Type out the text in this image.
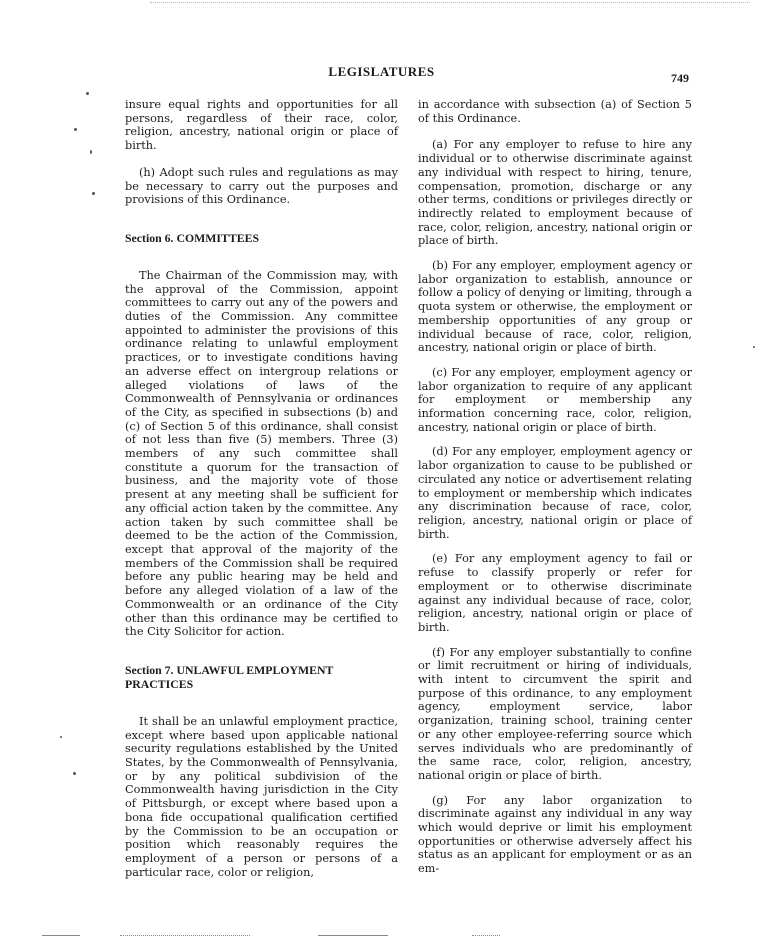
LEGISLATURES	749

insure equal rights and opportunities for all persons, regardless of their race, color, religion, ancestry, national origin or place of birth.

(h) Adopt such rules and regulations as may be necessary to carry out the purposes and provisions of this Ordinance.

Section 6. COMMITTEES

The Chairman of the Commission may, with the approval of the Commission, appoint committees to carry out any of the powers and duties of the Commission. Any committee appointed to administer the provisions of this ordinance relating to unlawful employment practices, or to investigate conditions having an adverse effect on intergroup relations or alleged violations of laws of the Commonwealth of Pennsylvania or ordinances of the City, as specified in subsections (b) and (c) of Section 5 of this ordinance, shall consist of not less than five (5) members. Three (3) members of any such committee shall constitute a quorum for the transaction of business, and the majority vote of those present at any meeting shall be sufficient for any official action taken by the committee. Any action taken by such committee shall be deemed to be the action of the Commission, except that approval of the majority of the members of the Commission shall be required before any public hearing may be held and before any alleged violation of a law of the Commonwealth or an ordinance of the City other than this ordinance may be certified to the City Solicitor for action.

Section 7. UNLAWFUL EMPLOYMENT PRACTICES

It shall be an unlawful employment practice, except where based upon applicable national security regulations established by the United States, by the Commonwealth of Pennsylvania, or by any political subdivision of the Commonwealth having jurisdiction in the City of Pittsburgh, or except where based upon a bona fide occupational qualification certified by the Commission to be an occupation or position which reasonably requires the employment of a person or persons of a particular race, color or religion,

in accordance with subsection (a) of Section 5 of this Ordinance.

(a) For any employer to refuse to hire any individual or to otherwise discriminate against any individual with respect to hiring, tenure, compensation, promotion, discharge or any other terms, conditions or privileges directly or indirectly related to employment because of race, color, religion, ancestry, national origin or place of birth.

(b) For any employer, employment agency or labor organization to establish, announce or follow a policy of denying or limiting, through a quota system or otherwise, the employment or membership opportunities of any group or individual because of race, color, religion, ancestry, national origin or place of birth.

(c) For any employer, employment agency or labor organization to require of any applicant for employment or membership any information concerning race, color, religion, ancestry, national origin or place of birth.

(d) For any employer, employment agency or labor organization to cause to be published or circulated any notice or advertisement relating to employment or membership which indicates any discrimination because of race, color, religion, ancestry, national origin or place of birth.

(e) For any employment agency to fail or refuse to classify properly or refer for employment or to otherwise discriminate against any individual because of race, color, religion, ancestry, national origin or place of birth.

(f) For any employer substantially to confine or limit recruitment or hiring of individuals, with intent to circumvent the spirit and purpose of this ordinance, to any employment agency, employment service, labor organization, training school, training center or any other employee-referring source which serves individuals who are predominantly of the same race, color, religion, ancestry, national origin or place of birth.

(g) For any labor organization to discriminate against any individual in any way which would deprive or limit his employment opportunities or otherwise adversely affect his status as an applicant for employment or as an em-
